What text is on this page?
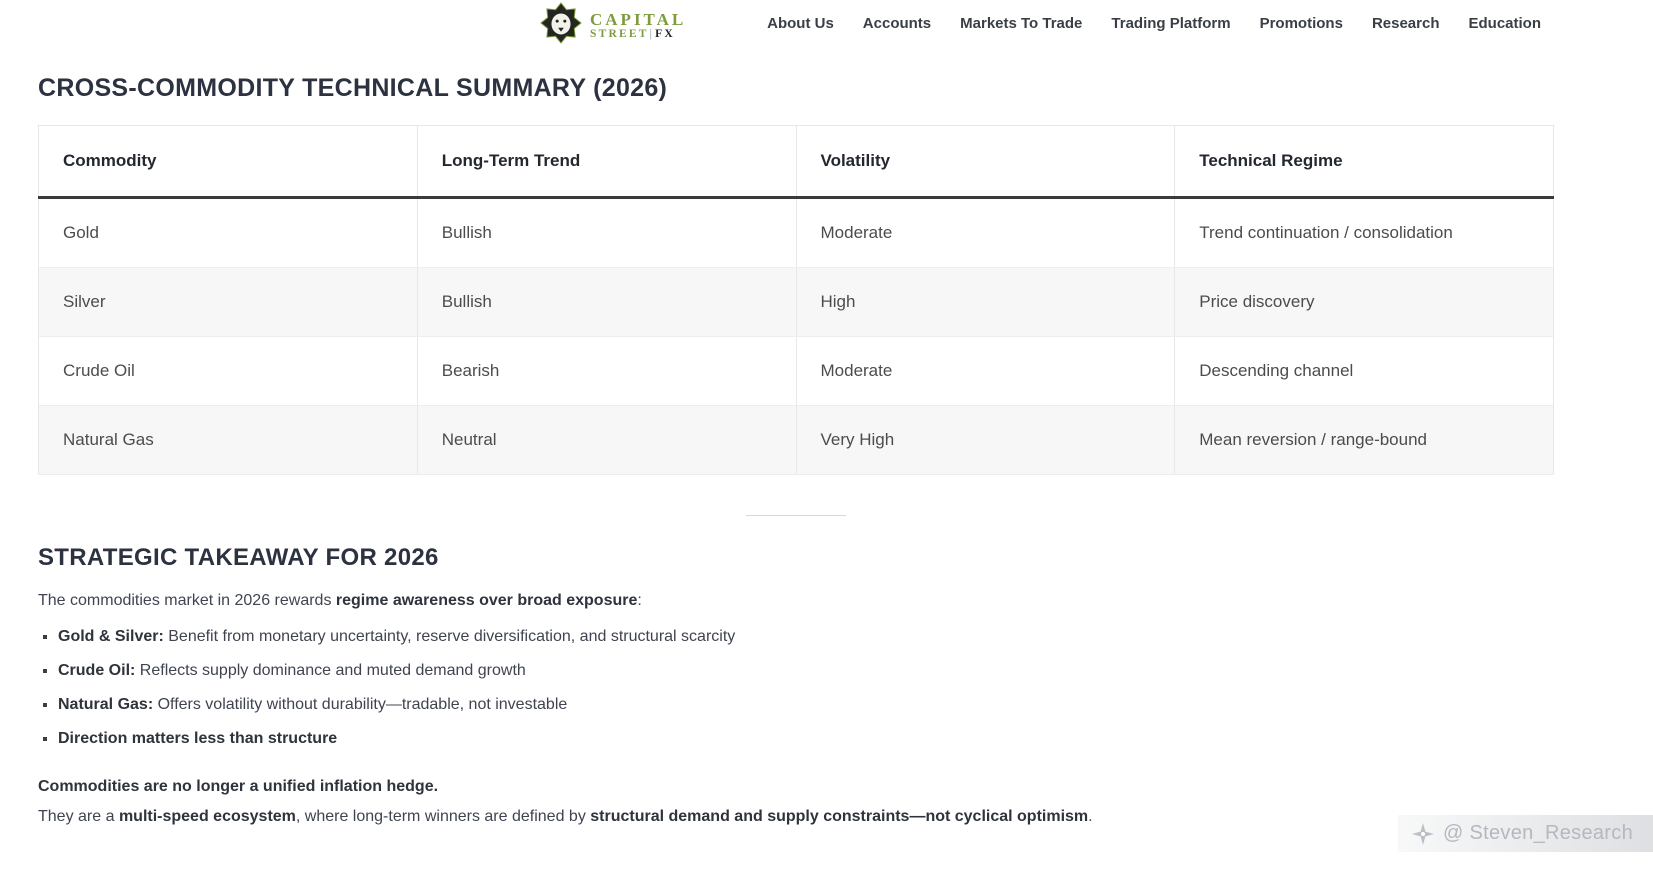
CAPITAL
STREET|FX
About Us Accounts Markets To Trade Trading Platform Promotions Research Education
CROSS-COMMODITY TECHNICAL SUMMARY (2026)
Commodity	Long-Term Trend	Volatility	Technical Regime
Gold	Bullish	Moderate	Trend continuation / consolidation
Silver	Bullish	High	Price discovery
Crude Oil	Bearish	Moderate	Descending channel
Natural Gas	Neutral	Very High	Mean reversion / range-bound
STRATEGIC TAKEAWAY FOR 2026

The commodities market in 2026 rewards regime awareness over broad exposure:

Gold & Silver: Benefit from monetary uncertainty, reserve diversification, and structural scarcity
Crude Oil: Reflects supply dominance and muted demand growth
Natural Gas: Offers volatility without durability—tradable, not investable
Direction matters less than structure

Commodities are no longer a unified inflation hedge.

They are a multi-speed ecosystem, where long-term winners are defined by structural demand and supply constraints—not cyclical optimism.

@ Steven_Research
